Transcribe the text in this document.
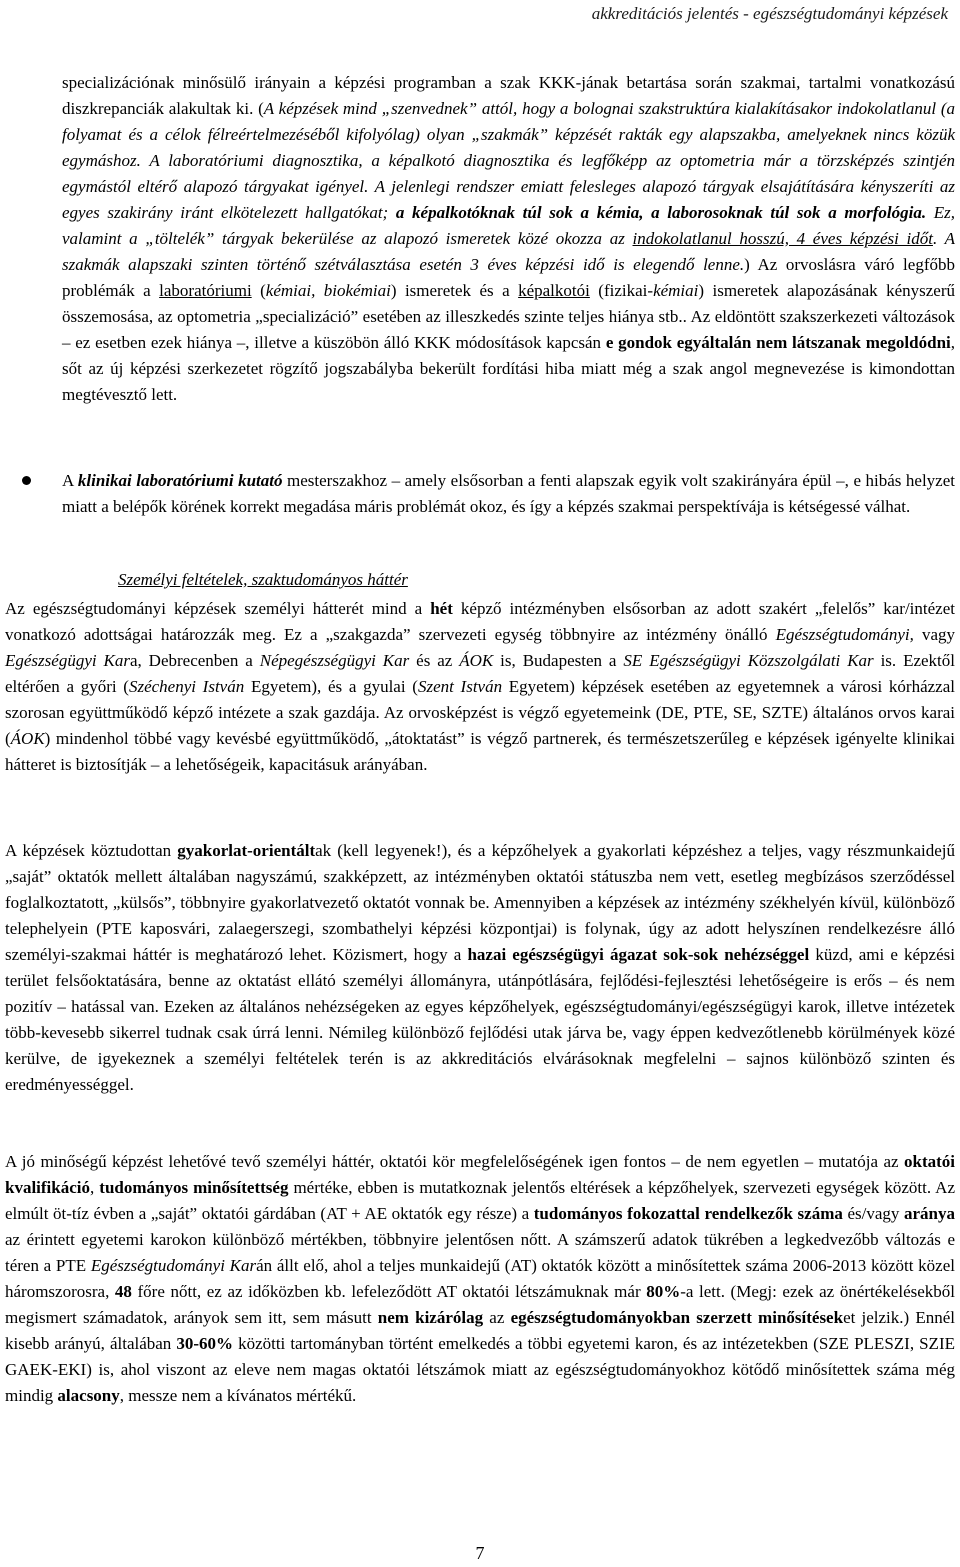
akkreditációs jelentés - egészségtudományi képzések

specializációnak minősülő irányain a képzési programban a szak KKK-jának betartása során szakmai, tartalmi vonatkozású diszkrepanciák alakultak ki. (A képzések mind „szenvednek” attól, hogy a bolognai szakstruktúra kialakításakor indokolatlanul (a folyamat és a célok félreértelmezéséből kifolyólag) olyan „szakmák” képzését rakták egy alapszakba, amelyeknek nincs közük egymáshoz. A laboratóriumi diagnosztika, a képalkotó diagnosztika és legfőképp az optometria már a törzsképzés szintjén egymástól eltérő alapozó tárgyakat igényel. A jelenlegi rendszer emiatt felesleges alapozó tárgyak elsajátítására kényszeríti az egyes szakirány iránt elkötelezett hallgatókat; a képalkotóknak túl sok a kémia, a laborosoknak túl sok a morfológia. Ez, valamint a „töltelék” tárgyak bekerülése az alapozó ismeretek közé okozza az indokolatlanul hosszú, 4 éves képzési időt. A szakmák alapszaki szinten történő szétválasztása esetén 3 éves képzési idő is elegendő lenne.) Az orvoslásra váró legfőbb problémák a laboratóriumi (kémiai, biokémiai) ismeretek és a képalkotói (fizikai-kémiai) ismeretek alapozásának kényszerű összemosása, az optometria „specializáció” esetében az illeszkedés szinte teljes hiánya stb.. Az eldöntött szakszerkezeti változások – ez esetben ezek hiánya –, illetve a küszöbön álló KKK módosítások kapcsán e gondok egyáltalán nem látszanak megoldódni, sőt az új képzési szerkezetet rögzítő jogszabályba bekerült fordítási hiba miatt még a szak angol megnevezése is kimondottan megtévesztő lett.

A klinikai laboratóriumi kutató mesterszakhoz – amely elsősorban a fenti alapszak egyik volt szakirányára épül –, e hibás helyzet miatt a belépők körének korrekt megadása máris problémát okoz, és így a képzés szakmai perspektívája is kétségessé válhat.

Személyi feltételek, szaktudományos háttér

Az egészségtudományi képzések személyi hátterét mind a hét képző intézményben elsősorban az adott szakért „felelős” kar/intézet vonatkozó adottságai határozzák meg. Ez a „szakgazda” szervezeti egység többnyire az intézmény önálló Egészségtudományi, vagy Egészségügyi Kara, Debrecenben a Népegészségügyi Kar és az ÁOK is, Budapesten a SE Egészségügyi Közszolgálati Kar is. Ezektől eltérően a győri (Széchenyi István Egyetem), és a gyulai (Szent István Egyetem) képzések esetében az egyetemnek a városi kórházzal szorosan együttműködő képző intézete a szak gazdája. Az orvosképzést is végző egyetemeink (DE, PTE, SE, SZTE) általános orvos karai (ÁOK) mindenhol többé vagy kevésbé együttműködő, „átoktatást” is végző partnerek, és természetszerűleg e képzések igényelte klinikai hátteret is biztosítják – a lehetőségeik, kapacitásuk arányában.

A képzések köztudottan gyakorlat-orientáltak (kell legyenek!), és a képzőhelyek a gyakorlati képzéshez a teljes, vagy részmunkaidejű „saját” oktatók mellett általában nagyszámú, szakképzett, az intézményben oktatói státuszba nem vett, esetleg megbízásos szerződéssel foglalkoztatott, „külsős”, többnyire gyakorlatvezető oktatót vonnak be. Amennyiben a képzések az intézmény székhelyén kívül, különböző telephelyein (PTE kaposvári, zalaegerszegi, szombathelyi képzési központjai) is folynak, úgy az adott helyszínen rendelkezésre álló személyi-szakmai háttér is meghatározó lehet. Közismert, hogy a hazai egészségügyi ágazat sok-sok nehézséggel küzd, ami e képzési terület felsőoktatására, benne az oktatást ellátó személyi állományra, utánpótlására, fejlődési-fejlesztési lehetőségeire is erős – és nem pozitív – hatással van. Ezeken az általános nehézségeken az egyes képzőhelyek, egészségtudományi/egészségügyi karok, illetve intézetek több-kevesebb sikerrel tudnak csak úrrá lenni. Némileg különböző fejlődési utak járva be, vagy éppen kedvezőtlenebb körülmények közé kerülve, de igyekeznek a személyi feltételek terén is az akkreditációs elvárásoknak megfelelni – sajnos különböző szinten és eredményességgel.

A jó minőségű képzést lehetővé tevő személyi háttér, oktatói kör megfelelőségének igen fontos – de nem egyetlen – mutatója az oktatói kvalifikáció, tudományos minősítettség mértéke, ebben is mutatkoznak jelentős eltérések a képzőhelyek, szervezeti egységek között. Az elmúlt öt-tíz évben a „saját” oktatói gárdában (AT + AE oktatók egy része) a tudományos fokozattal rendelkezők száma és/vagy aránya az érintett egyetemi karokon különböző mértékben, többnyire jelentősen nőtt. A számszerű adatok tükrében a legkedvezőbb változás e téren a PTE Egészségtudományi Karán állt elő, ahol a teljes munkaidejű (AT) oktatók között a minősítettek száma 2006-2013 között közel háromszorosra, 48 főre nőtt, ez az időközben kb. lefeleződött AT oktatói létszámuknak már 80%-a lett. (Megj: ezek az önértékelésekből megismert számadatok, arányok sem itt, sem másutt nem kizárólag az egészségtudományokban szerzett minősítéseket jelzik.) Ennél kisebb arányú, általában 30-60% közötti tartományban történt emelkedés a többi egyetemi karon, és az intézetekben (SZE PLESZI, SZIE GAEK-EKI) is, ahol viszont az eleve nem magas oktatói létszámok miatt az egészségtudományokhoz kötődő minősítettek száma még mindig alacsony, messze nem a kívánatos mértékű.

7
